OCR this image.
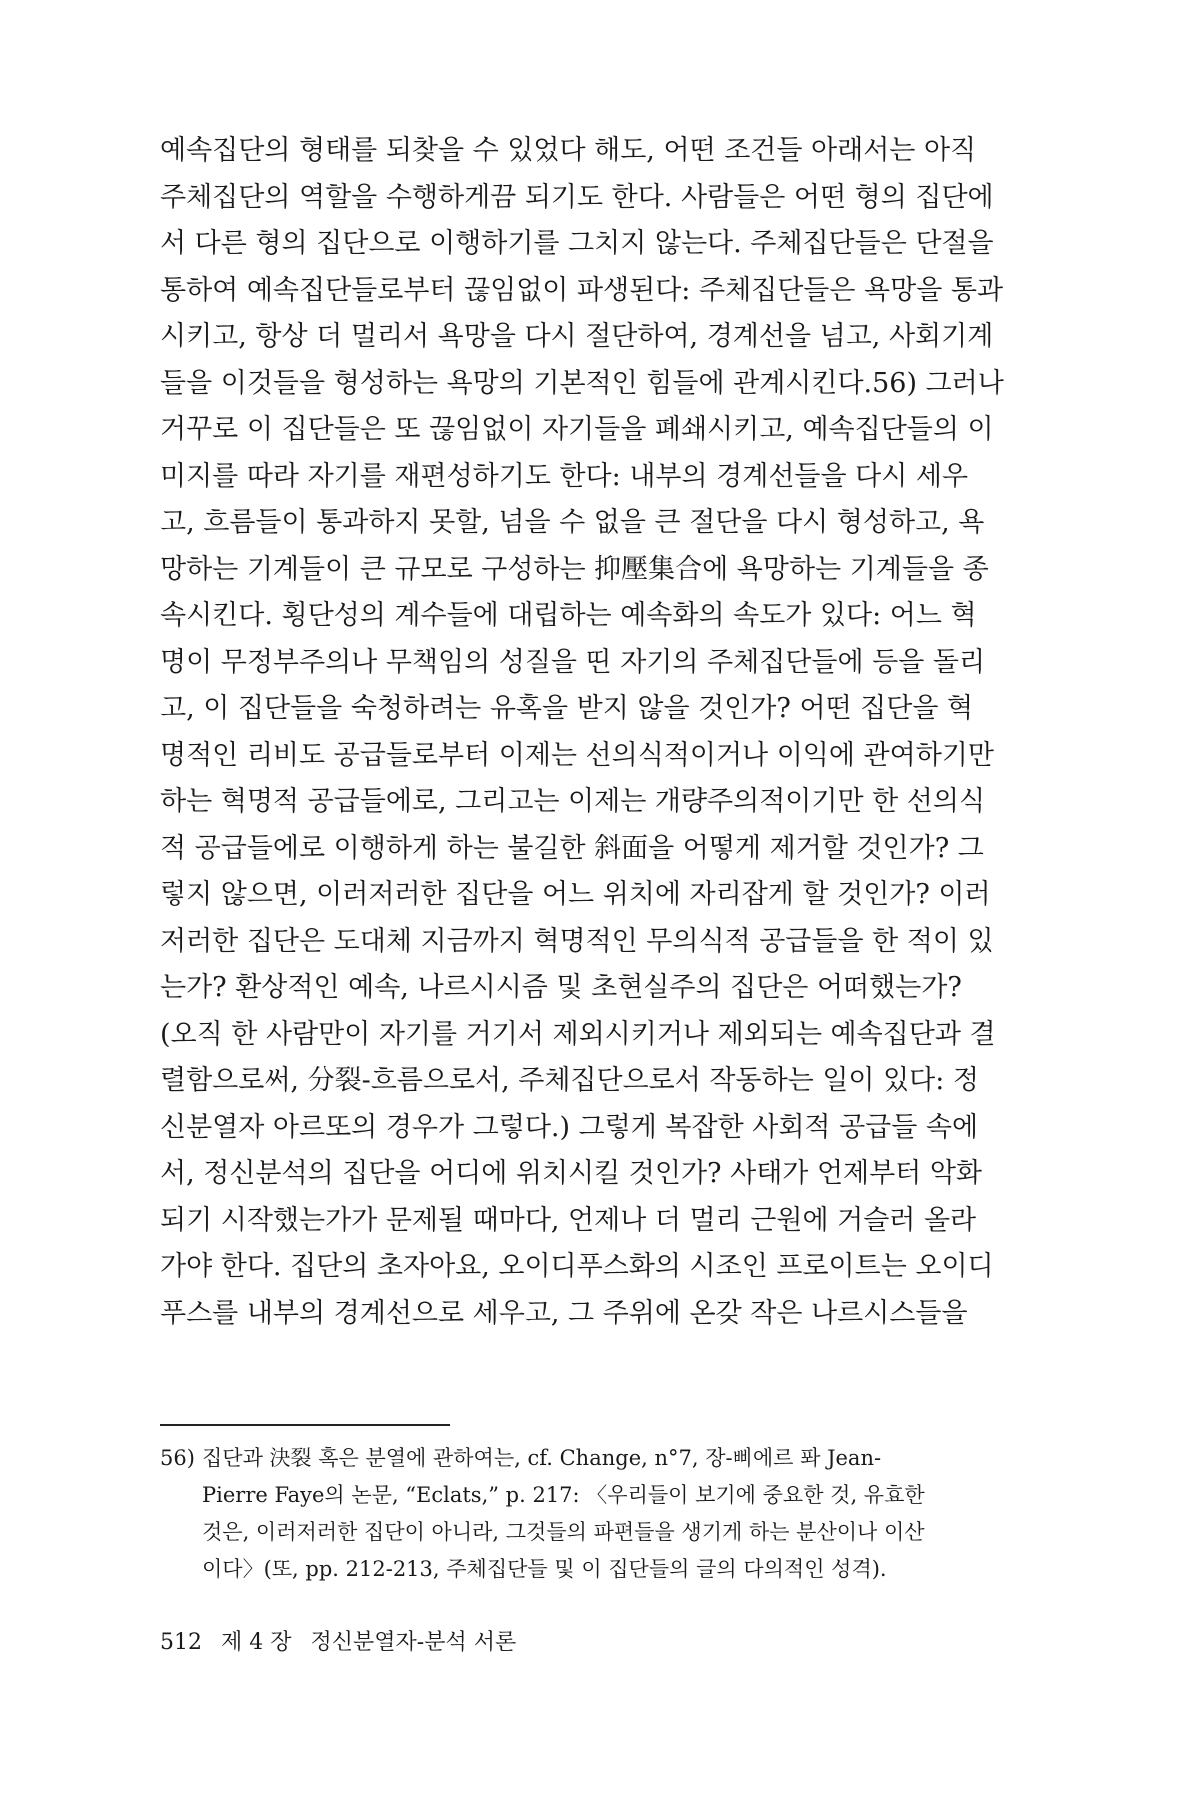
예속집단의 형태를 되찾을 수 있었다 해도, 어떤 조건들 아래서는 아직
주체집단의 역할을 수행하게끔 되기도 한다. 사람들은 어떤 형의 집단에
서 다른 형의 집단으로 이행하기를 그치지 않는다. 주체집단들은 단절을
통하여 예속집단들로부터 끊임없이 파생된다: 주체집단들은 욕망을 통과
시키고, 항상 더 멀리서 욕망을 다시 절단하여, 경계선을 넘고, 사회기계
들을 이것들을 형성하는 욕망의 기본적인 힘들에 관계시킨다.56) 그러나
거꾸로 이 집단들은 또 끊임없이 자기들을 폐쇄시키고, 예속집단들의 이
미지를 따라 자기를 재편성하기도 한다: 내부의 경계선들을 다시 세우
고, 흐름들이 통과하지 못할, 넘을 수 없을 큰 절단을 다시 형성하고, 욕
망하는 기계들이 큰 규모로 구성하는 抑壓集合에 욕망하는 기계들을 종
속시킨다. 횡단성의 계수들에 대립하는 예속화의 속도가 있다: 어느 혁
명이 무정부주의나 무책임의 성질을 띤 자기의 주체집단들에 등을 돌리
고, 이 집단들을 숙청하려는 유혹을 받지 않을 것인가? 어떤 집단을 혁
명적인 리비도 공급들로부터 이제는 선의식적이거나 이익에 관여하기만
하는 혁명적 공급들에로, 그리고는 이제는 개량주의적이기만 한 선의식
적 공급들에로 이행하게 하는 불길한 斜面을 어떻게 제거할 것인가? 그
렇지 않으면, 이러저러한 집단을 어느 위치에 자리잡게 할 것인가? 이러
저러한 집단은 도대체 지금까지 혁명적인 무의식적 공급들을 한 적이 있
는가? 환상적인 예속, 나르시시즘 및 초현실주의 집단은 어떠했는가?
(오직 한 사람만이 자기를 거기서 제외시키거나 제외되는 예속집단과 결
렬함으로써, 分裂-흐름으로서, 주체집단으로서 작동하는 일이 있다: 정
신분열자 아르또의 경우가 그렇다.) 그렇게 복잡한 사회적 공급들 속에
서, 정신분석의 집단을 어디에 위치시킬 것인가? 사태가 언제부터 악화
되기 시작했는가가 문제될 때마다, 언제나 더 멀리 근원에 거슬러 올라
가야 한다. 집단의 초자아요, 오이디푸스화의 시조인 프로이트는 오이디
푸스를 내부의 경계선으로 세우고, 그 주위에 온갖 작은 나르시스들을
56) 집단과 決裂 혹은 분열에 관하여는, cf. Change, n°7, 장-삐에르 퐈 Jean-
Pierre Faye의 논문, “Eclats,” p. 217: 〈우리들이 보기에 중요한 것, 유효한
것은, 이러저러한 집단이 아니라, 그것들의 파편들을 생기게 하는 분산이나 이산
이다〉(또, pp. 212-213, 주체집단들 및 이 집단들의 글의 다의적인 성격).
512 제 4 장 정신분열자-분석 서론
